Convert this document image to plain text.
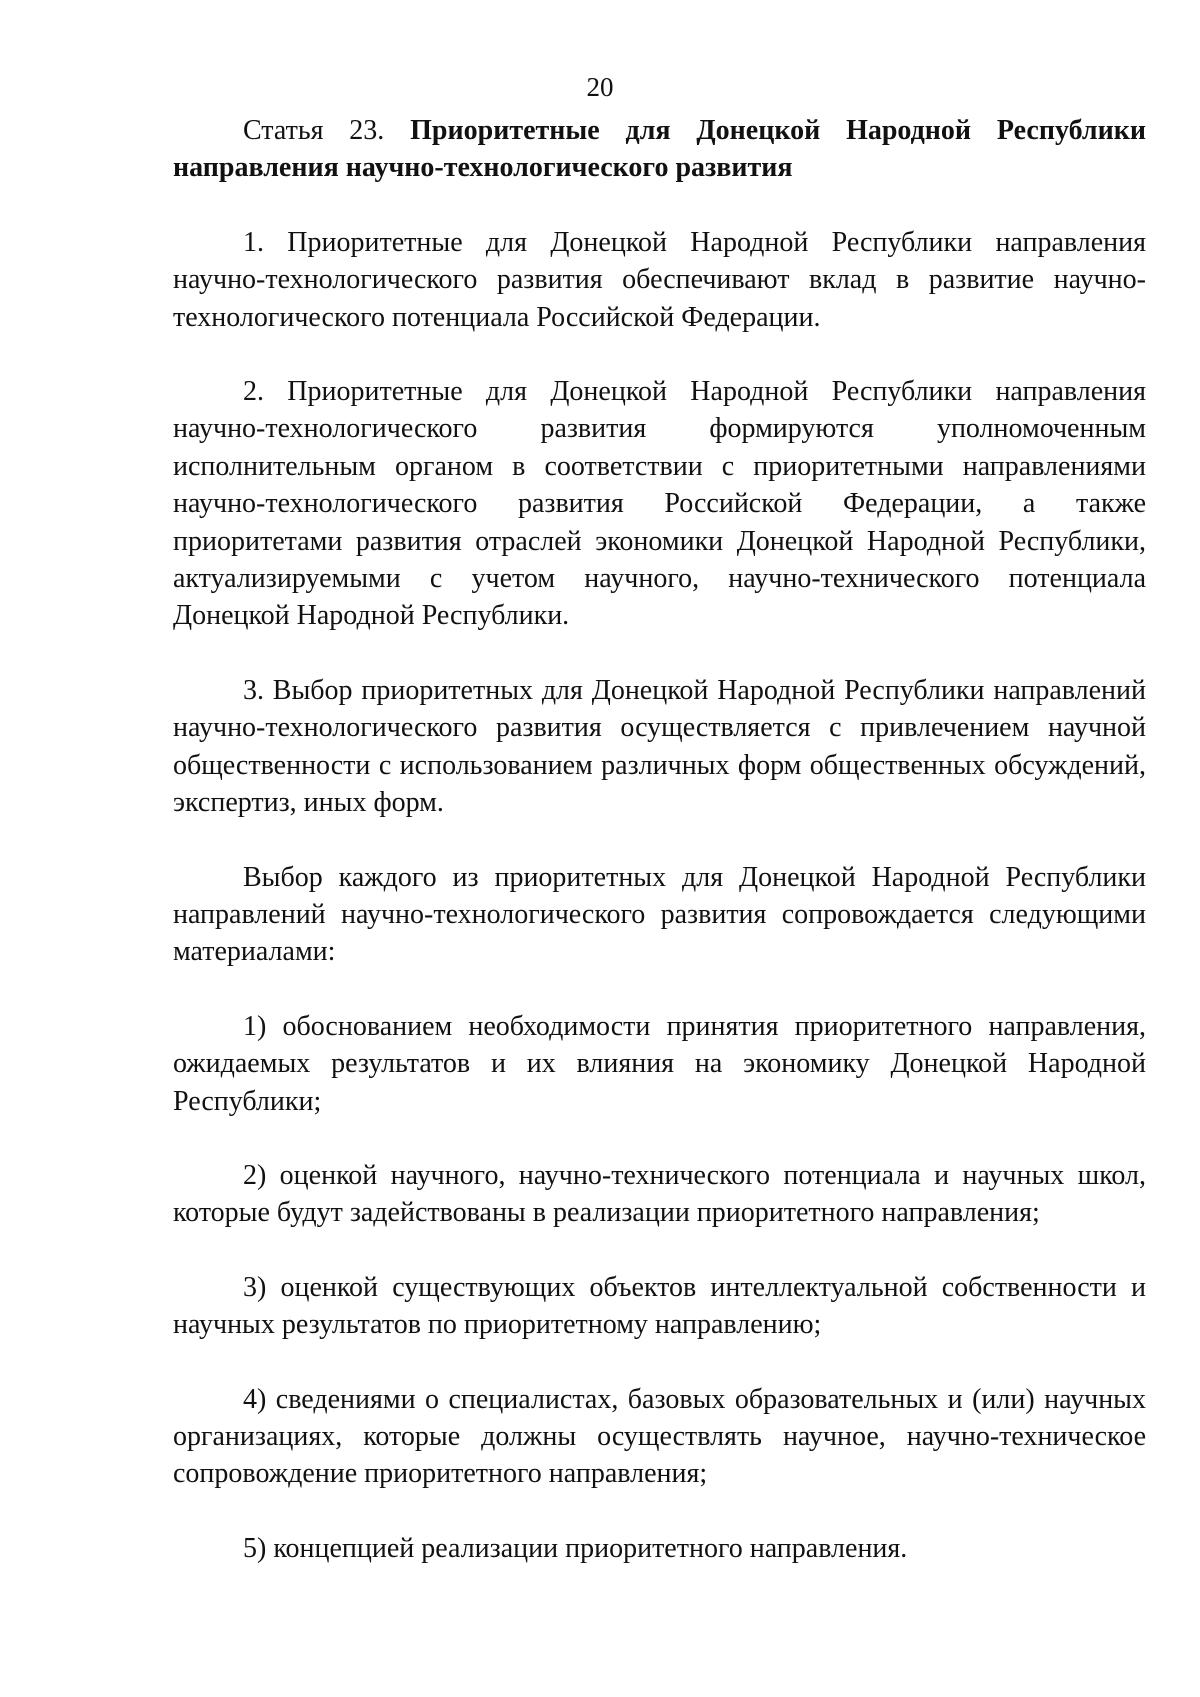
20

Статья 23. Приоритетные для Донецкой Народной Республики направления научно-технологического развития

1. Приоритетные для Донецкой Народной Республики направления научно-технологического развития обеспечивают вклад в развитие научно-технологического потенциала Российской Федерации.

2. Приоритетные для Донецкой Народной Республики направления научно-технологического развития формируются уполномоченным исполнительным органом в соответствии с приоритетными направлениями научно-технологического развития Российской Федерации, а также приоритетами развития отраслей экономики Донецкой Народной Республики, актуализируемыми с учетом научного, научно-технического потенциала Донецкой Народной Республики.

3. Выбор приоритетных для Донецкой Народной Республики направлений научно-технологического развития осуществляется с привлечением научной общественности с использованием различных форм общественных обсуждений, экспертиз, иных форм.

Выбор каждого из приоритетных для Донецкой Народной Республики направлений научно-технологического развития сопровождается следующими материалами:

1) обоснованием необходимости принятия приоритетного направления, ожидаемых результатов и их влияния на экономику Донецкой Народной Республики;

2) оценкой научного, научно-технического потенциала и научных школ, которые будут задействованы в реализации приоритетного направления;

3) оценкой существующих объектов интеллектуальной собственности и научных результатов по приоритетному направлению;

4) сведениями о специалистах, базовых образовательных и (или) научных организациях, которые должны осуществлять научное, научно-техническое сопровождение приоритетного направления;

5) концепцией реализации приоритетного направления.
